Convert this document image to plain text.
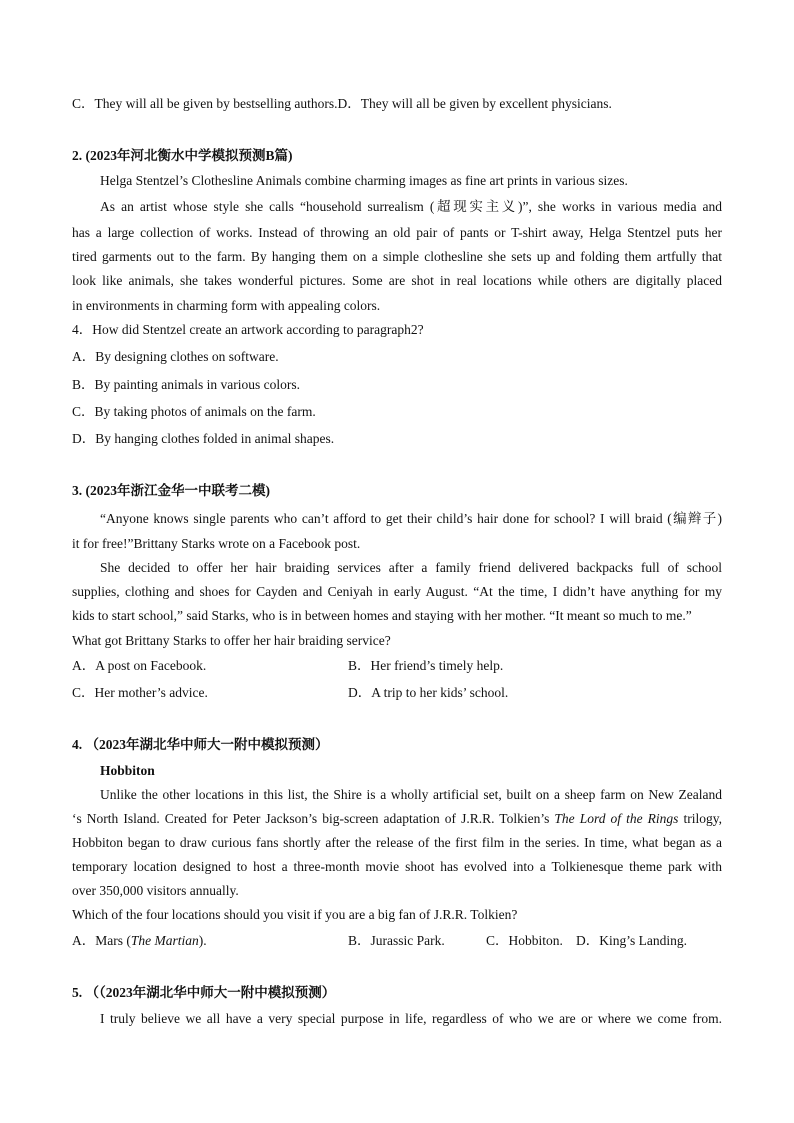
C．They will all be given by bestselling authors.D．They will all be given by excellent physicians.
2. (2023年河北衡水中学模拟预测B篇)
Helga Stentzel’s Clothesline Animals combine charming images as fine art prints in various sizes.
As an artist whose style she calls “household surrealism (超现实主义)”, she works in various media and
has a large collection of works. Instead of throwing an old pair of pants or T-shirt away, Helga Stentzel puts her
tired garments out to the farm. By hanging them on a simple clothesline she sets up and folding them artfully that
look like animals, she takes wonderful pictures. Some are shot in real locations while others are digitally placed
in environments in charming form with appealing colors.
4．How did Stentzel create an artwork according to paragraph2?
A．By designing clothes on software.
B．By painting animals in various colors.
C．By taking photos of animals on the farm.
D．By hanging clothes folded in animal shapes.
3. (2023年浙江金华一中联考二模)
“Anyone knows single parents who can’t afford to get their child’s hair done for school? I will braid (编辫子)
it for free!”Brittany Starks wrote on a Facebook post.
She decided to offer her hair braiding services after a family friend delivered backpacks full of school
supplies, clothing and shoes for Cayden and Ceniyah in early August. “At the time, I didn’t have anything for my
kids to start school,” said Starks, who is in between homes and staying with her mother. “It meant so much to me.”
What got Brittany Starks to offer her hair braiding service?
A．A post on Facebook.	B．Her friend’s timely help.
C．Her mother’s advice.	D．A trip to her kids’ school.
4. （2023年湖北华中师大一附中模拟预测）
Hobbiton
Unlike the other locations in this list, the Shire is a wholly artificial set, built on a sheep farm on New Zealand
‘s North Island. Created for Peter Jackson’s big-screen adaptation of J.R.R. Tolkien’s The Lord of the Rings trilogy,
Hobbiton began to draw curious fans shortly after the release of the first film in the series. In time, what began as a
temporary location designed to host a three-month movie shoot has evolved into a Tolkienesque theme park with
over 350,000 visitors annually.
Which of the four locations should you visit if you are a big fan of J.R.R. Tolkien?
A．Mars (The Martian).	B．Jurassic Park.	C．Hobbiton. D．King’s Landing.
5. （（2023年湖北华中师大一附中模拟预测）
I truly believe we all have a very special purpose in life, regardless of who we are or where we come from.
